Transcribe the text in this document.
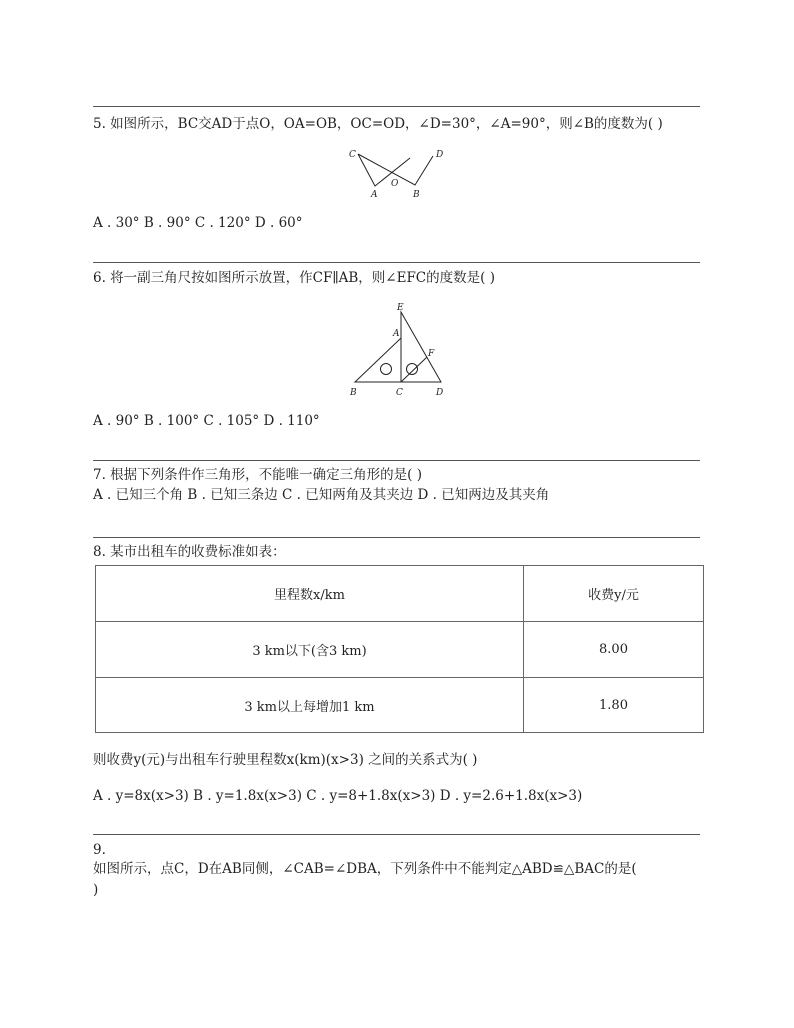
5. 如图所示，BC交AD于点O，OA=OB，OC=OD，∠D=30°，∠A=90°，则∠B的度数为( )
C	D
O
A	B
A . 30° B . 90° C . 120° D . 60°
6. 将一副三角尺按如图所示放置，作CF∥AB，则∠EFC的度数是( )
E
A
F
B	C	D
A . 90° B . 100° C . 105° D . 110°
7. 根据下列条件作三角形，不能唯一确定三角形的是( )
A . 已知三个角 B . 已知三条边 C . 已知两角及其夹边 D . 已知两边及其夹角
8. 某市出租车的收费标准如表：
里程数x/km	收费y/元
3 km以下(含3 km)	8.00
3 km以上每增加1 km	1.80
则收费y(元)与出租车行驶里程数x(km)(x>3) 之间的关系式为( )
A . y=8x(x>3) B . y=1.8x(x>3) C . y=8+1.8x(x>3) D . y=2.6+1.8x(x>3)
9.
如图所示，点C，D在AB同侧，∠CAB=∠DBA，下列条件中不能判定△ABD≌△BAC的是(
)
